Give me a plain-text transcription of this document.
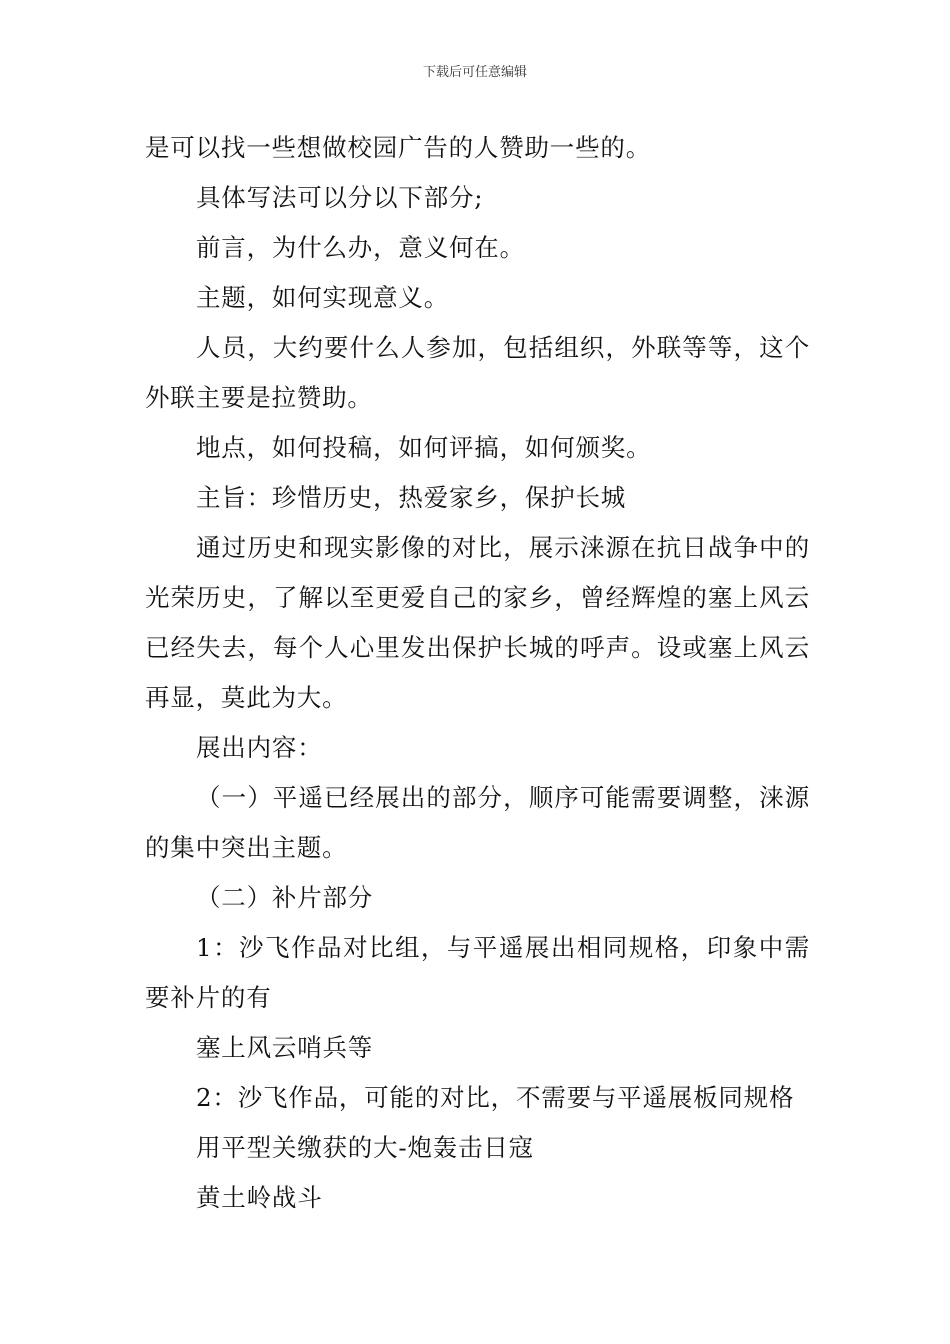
下载后可任意编辑

是可以找一些想做校园广告的人赞助一些的。

具体写法可以分以下部分;

前言，为什么办，意义何在。

主题，如何实现意义。

人员，大约要什么人参加，包括组织，外联等等，这个外联主要是拉赞助。

地点，如何投稿，如何评搞，如何颁奖。

主旨：珍惜历史，热爱家乡，保护长城

通过历史和现实影像的对比，展示涞源在抗日战争中的光荣历史，了解以至更爱自己的家乡，曾经辉煌的塞上风云已经失去，每个人心里发出保护长城的呼声。设或塞上风云再显，莫此为大。

展出内容：

（一）平遥已经展出的部分，顺序可能需要调整，涞源的集中突出主题。

（二）补片部分

1：沙飞作品对比组，与平遥展出相同规格，印象中需要补片的有

塞上风云哨兵等

2：沙飞作品，可能的对比，不需要与平遥展板同规格

用平型关缴获的大-炮轰击日寇

黄土岭战斗
